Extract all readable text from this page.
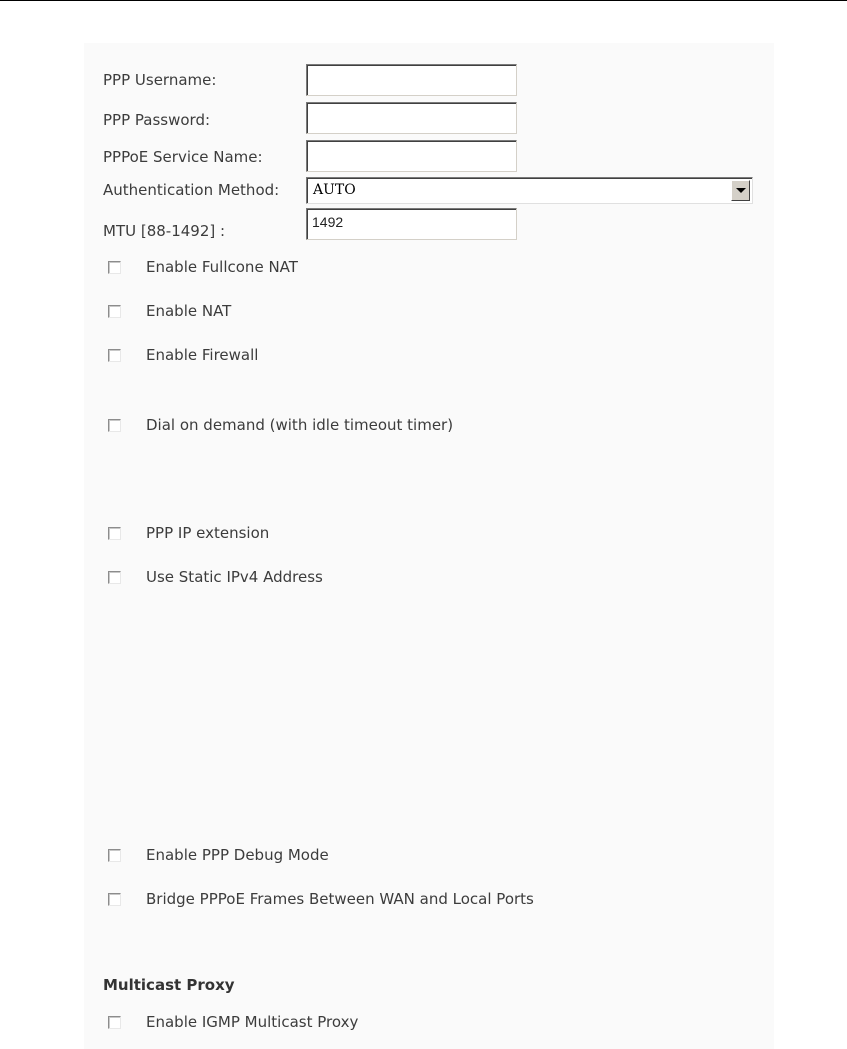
PPP Username:
PPP Password:
PPPoE Service Name:
Authentication Method: AUTO
MTU [88-1492] :	1492
Enable Fullcone NAT
Enable NAT
Enable Firewall
Dial on demand (with idle timeout timer)
PPP IP extension
Use Static IPv4 Address
Enable PPP Debug Mode
Bridge PPPoE Frames Between WAN and Local Ports
Multicast Proxy
Enable IGMP Multicast Proxy
